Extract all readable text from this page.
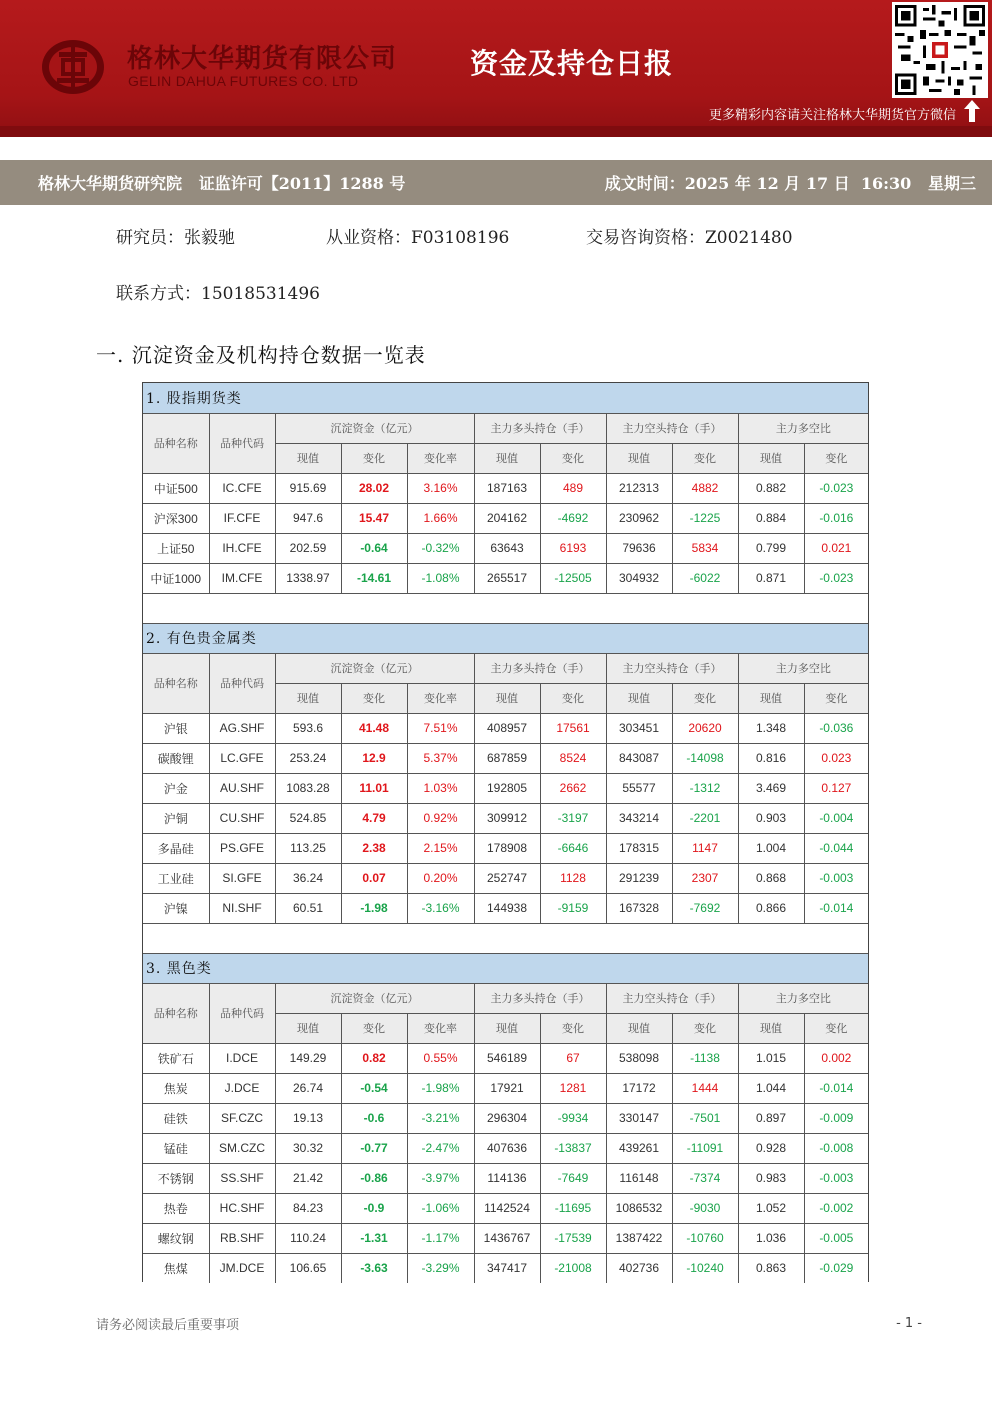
格林大华期货有限公司
GELIN DAHUA FUTURES CO. LTD
资金及持仓日报
更多精彩内容请关注格林大华期货官方微信
格林大华期货研究院   证监许可【2011】1288 号	成文时间：2025 年 12 月 17 日  16:30   星期三
研究员：张毅驰	从业资格：F03108196	交易咨询资格：Z0021480
联系方式：15018531496
一. 沉淀资金及机构持仓数据一览表
1. 股指期货类										
品种名称	品种代码	沉淀资金（亿元）			主力多头持仓（手）		主力空头持仓（手）		主力多空比	
		现值	变化	变化率	现值	变化	现值	变化	现值	变化
中证500	IC.CFE	915.69	28.02	3.16%	187163	489	212313	4882	0.882	-0.023
沪深300	IF.CFE	947.6	15.47	1.66%	204162	-4692	230962	-1225	0.884	-0.016
上证50	IH.CFE	202.59	-0.64	-0.32%	63643	6193	79636	5834	0.799	0.021
中证1000	IM.CFE	1338.97	-14.61	-1.08%	265517	-12505	304932	-6022	0.871	-0.023

2. 有色贵金属类										
品种名称	品种代码	沉淀资金（亿元）			主力多头持仓（手）		主力空头持仓（手）		主力多空比	
		现值	变化	变化率	现值	变化	现值	变化	现值	变化
沪银	AG.SHF	593.6	41.48	7.51%	408957	17561	303451	20620	1.348	-0.036
碳酸锂	LC.GFE	253.24	12.9	5.37%	687859	8524	843087	-14098	0.816	0.023
沪金	AU.SHF	1083.28	11.01	1.03%	192805	2662	55577	-1312	3.469	0.127
沪铜	CU.SHF	524.85	4.79	0.92%	309912	-3197	343214	-2201	0.903	-0.004
多晶硅	PS.GFE	113.25	2.38	2.15%	178908	-6646	178315	1147	1.004	-0.044
工业硅	SI.GFE	36.24	0.07	0.20%	252747	1128	291239	2307	0.868	-0.003
沪镍	NI.SHF	60.51	-1.98	-3.16%	144938	-9159	167328	-7692	0.866	-0.014

3. 黑色类										
品种名称	品种代码	沉淀资金（亿元）			主力多头持仓（手）		主力空头持仓（手）		主力多空比	
		现值	变化	变化率	现值	变化	现值	变化	现值	变化
铁矿石	I.DCE	149.29	0.82	0.55%	546189	67	538098	-1138	1.015	0.002
焦炭	J.DCE	26.74	-0.54	-1.98%	17921	1281	17172	1444	1.044	-0.014
硅铁	SF.CZC	19.13	-0.6	-3.21%	296304	-9934	330147	-7501	0.897	-0.009
锰硅	SM.CZC	30.32	-0.77	-2.47%	407636	-13837	439261	-11091	0.928	-0.008
不锈钢	SS.SHF	21.42	-0.86	-3.97%	114136	-7649	116148	-7374	0.983	-0.003
热卷	HC.SHF	84.23	-0.9	-1.06%	1142524	-11695	1086532	-9030	1.052	-0.002
螺纹钢	RB.SHF	110.24	-1.31	-1.17%	1436767	-17539	1387422	-10760	1.036	-0.005
焦煤	JM.DCE	106.65	-3.63	-3.29%	347417	-21008	402736	-10240	0.863	-0.029
请务必阅读最后重要事项	- 1 -
